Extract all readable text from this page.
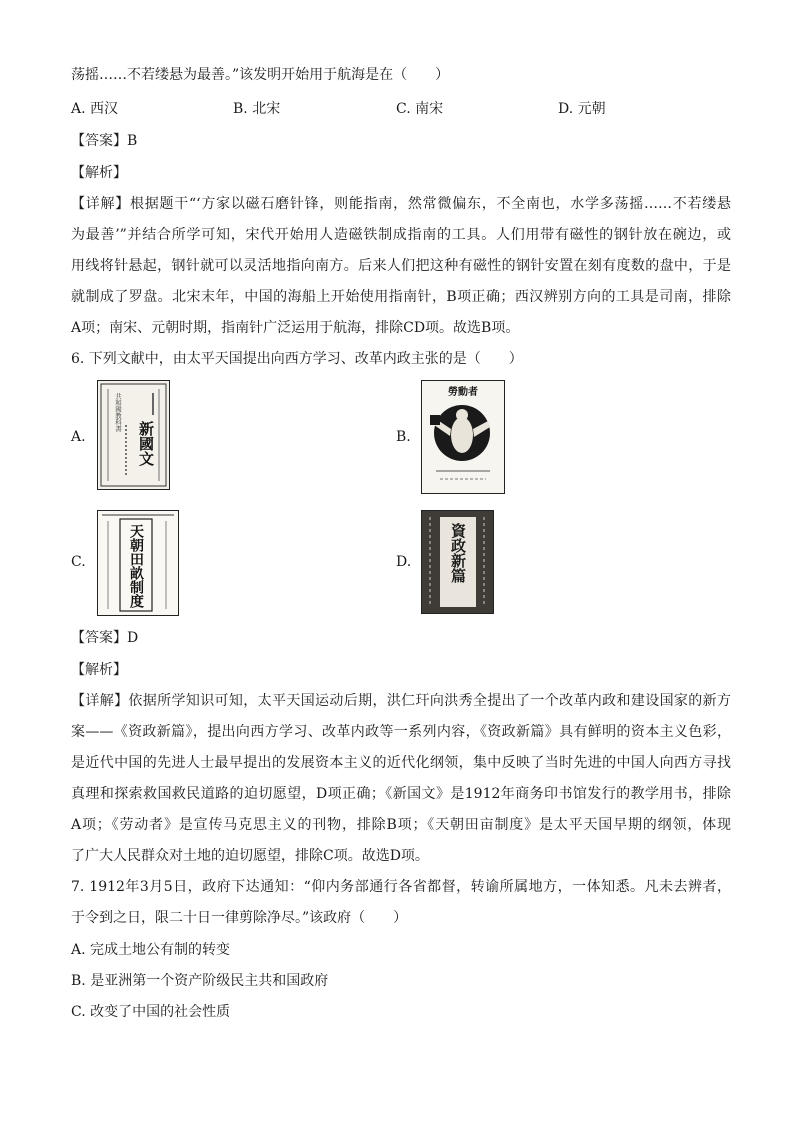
荡摇……不若缕悬为最善。”该发明开始用于航海是在（　　）
A. 西汉	B. 北宋	C. 南宋	D. 元朝
【答案】B
【解析】
【详解】根据题干“‘方家以磁石磨针锋，则能指南，然常微偏东，不全南也，水学多荡摇……不若缕悬
为最善’”并结合所学可知，宋代开始用人造磁铁制成指南的工具。人们用带有磁性的钢针放在碗边，或
用线将针悬起，钢针就可以灵活地指向南方。后来人们把这种有磁性的钢针安置在刻有度数的盘中，于是
就制成了罗盘。北宋末年，中国的海船上开始使用指南针，B项正确；西汉辨别方向的工具是司南，排除
A项；南宋、元朝时期，指南针广泛运用于航海，排除CD项。故选B项。
6. 下列文献中，由太平天国提出向西方学习、改革内政主张的是（　　）
A.
共和國教科書
新國文	B.
勞動者
C.	天朝田畝制度	D.	資政新篇
【答案】D
【解析】
【详解】依据所学知识可知，太平天国运动后期，洪仁玕向洪秀全提出了一个改革内政和建设国家的新方
案——《资政新篇》，提出向西方学习、改革内政等一系列内容，《资政新篇》具有鲜明的资本主义色彩，
是近代中国的先进人士最早提出的发展资本主义的近代化纲领，集中反映了当时先进的中国人向西方寻找
真理和探索救国救民道路的迫切愿望，D项正确；《新国文》是1912年商务印书馆发行的教学用书，排除
A项；《劳动者》是宣传马克思主义的刊物，排除B项；《天朝田亩制度》是太平天国早期的纲领，体现
了广大人民群众对土地的迫切愿望，排除C项。故选D项。
7. 1912年3月5日，政府下达通知：“仰内务部通行各省都督，转谕所属地方，一体知悉。凡未去辨者，
于令到之日，限二十日一律剪除净尽。”该政府（　　）
A. 完成土地公有制的转变
B. 是亚洲第一个资产阶级民主共和国政府
C. 改变了中国的社会性质
